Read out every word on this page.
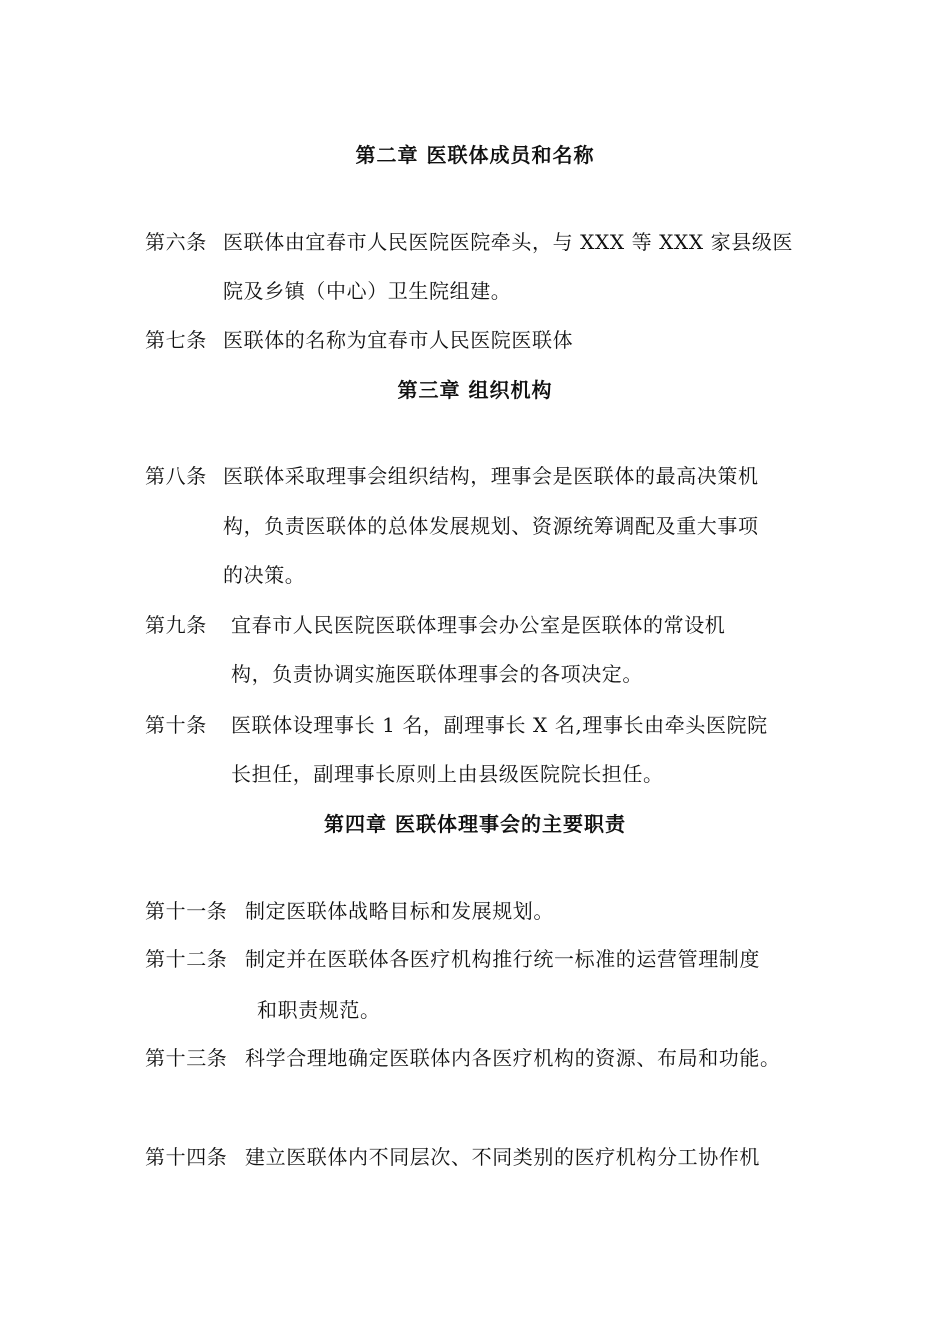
第二章 医联体成员和名称
第六条 医联体由宜春市人民医院医院牵头，与 XXX 等 XXX 家县级医
院及乡镇（中心）卫生院组建。
第七条 医联体的名称为宜春市人民医院医联体
第三章 组织机构
第八条 医联体采取理事会组织结构，理事会是医联体的最高决策机
构，负责医联体的总体发展规划、资源统筹调配及重大事项
的决策。
第九条 宜春市人民医院医联体理事会办公室是医联体的常设机
构，负责协调实施医联体理事会的各项决定。
第十条 医联体设理事长 1 名，副理事长 X 名,理事长由牵头医院院
长担任，副理事长原则上由县级医院院长担任。
第四章 医联体理事会的主要职责
第十一条 制定医联体战略目标和发展规划。
第十二条 制定并在医联体各医疗机构推行统一标准的运营管理制度
和职责规范。
第十三条 科学合理地确定医联体内各医疗机构的资源、布局和功能。
第十四条 建立医联体内不同层次、不同类别的医疗机构分工协作机
